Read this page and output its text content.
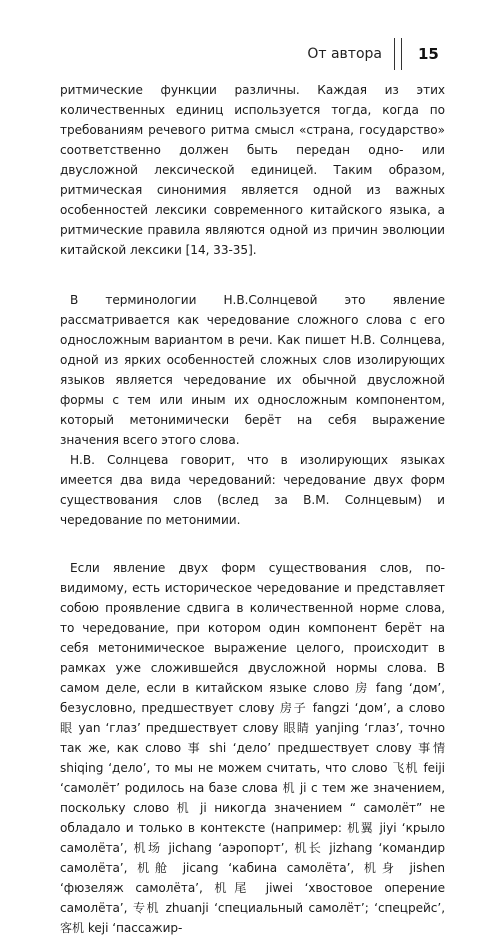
От автора 15

ритмические функции различны. Каждая из этих количественных единиц используется тогда, когда по требованиям речевого ритма смысл «страна, государство» соответственно должен быть передан одно- или двусложной лексической единицей. Таким образом, ритмическая синонимия является одной из важных особенностей лексики современного китайского языка, а ритмические правила являются одной из причин эволюции китайской лексики [14, 33-35].

В терминологии Н.В.Солнцевой это явление рассматривается как чередование сложного слова с его односложным вариантом в речи. Как пишет Н.В. Солнцева, одной из ярких особенностей сложных слов изолирующих языков является чередование их обычной двусложной формы с тем или иным их односложным компонентом, который метонимически берёт на себя выражение значения всего этого слова.

Н.В. Солнцева говорит, что в изолирующих языках имеется два вида чередований: чередование двух форм существования слов (вслед за В.М. Солнцевым) и чередование по метонимии.

Если явление двух форм существования слов, по-видимому, есть историческое чередование и представляет собою проявление сдвига в количественной норме слова, то чередование, при котором один компонент берёт на себя метонимическое выражение целого, происходит в рамках уже сложившейся двусложной нормы слова. В самом деле, если в китайском языке слово 房 fang ‘дом’, безусловно, предшествует слову 房子 fangzi ‘дом’, а слово 眼 yan ‘глаз’ предшествует слову 眼睛 yanjing ‘глаз’, точно так же, как слово 事 shi ‘дело’ предшествует слову 事情 shiqing ‘дело’, то мы не можем считать, что слово 飞机 feiji ‘самолёт’ родилось на базе слова 机 ji с тем же значением, поскольку слово 机 ji никогда значением “ самолёт” не обладало и только в контексте (например: 机翼 jiyi ‘крыло самолёта’, 机场 jichang ‘аэропорт’, 机长 jizhang ‘командир самолёта’, 机舱 jicang ‘кабина самолёта’, 机身 jishen ‘фюзеляж самолёта’, 机尾 jiwei ‘хвостовое оперение самолёта’, 专机 zhuanji ‘специальный самолёт’; ‘спецрейс’, 客机 keji ‘пассажир-
